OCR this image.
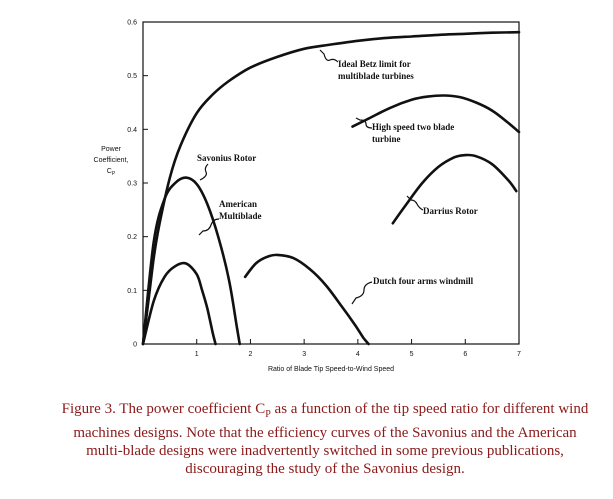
0
0.1
0.2
0.3
0.4
0.5
0.6
1	2	3	4	5	6	7
Power
Coefficient,
$C_P$
Ratio of Blade Tip Speed-to-Wind Speed
Ideal Betz limit for
multiblade turbines
Savonius Rotor
American
Multiblade
Dutch four arms windmill
High speed two blade
turbine
Darrius Rotor
Figure 3. The power coefficient $C_P$ as a function of the tip speed ratio for different wind machines designs. Note that the efficiency curves of the Savonius and the American multi-blade designs were inadvertently switched in some previous publications, discouraging the study of the Savonius design.
